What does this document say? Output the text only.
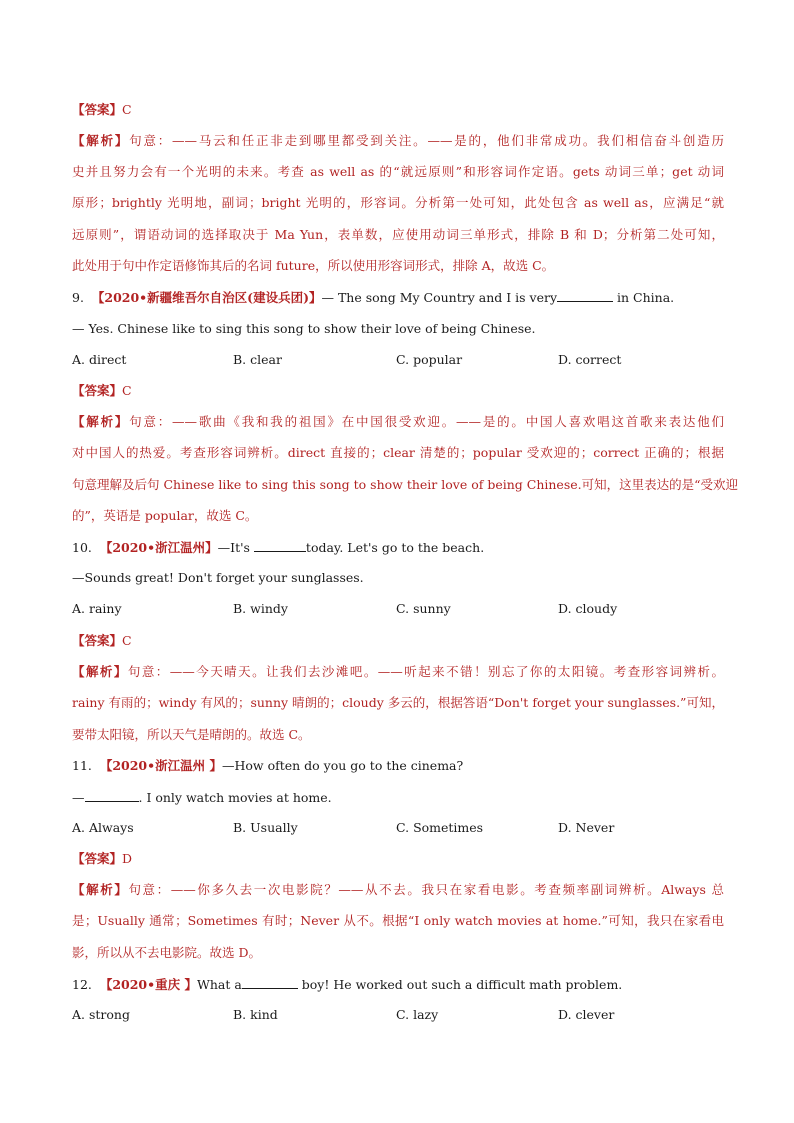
【答案】C
【解析】句意：——马云和任正非走到哪里都受到关注。——是的，他们非常成功。我们相信奋斗创造历
史并且努力会有一个光明的未来。考查 as well as 的“就远原则”和形容词作定语。gets 动词三单；get 动词
原形；brightly 光明地，副词；bright 光明的，形容词。分析第一处可知，此处包含 as well as，应满足“就
远原则”，谓语动词的选择取决于 Ma Yun，表单数，应使用动词三单形式，排除 B 和 D；分析第二处可知，
此处用于句中作定语修饰其后的名词 future，所以使用形容词形式，排除 A，故选 C。
9. 【2020•新疆维吾尔自治区(建设兵团)】— The song My Country and I is very	in China.
— Yes. Chinese like to sing this song to show their love of being Chinese.
A. direct	B. clear	C. popular	D. correct
【答案】C
【解析】句意：——歌曲《我和我的祖国》在中国很受欢迎。——是的。中国人喜欢唱这首歌来表达他们
对中国人的热爱。考查形容词辨析。direct 直接的；clear 清楚的；popular 受欢迎的；correct 正确的；根据
句意理解及后句 Chinese like to sing this song to show their love of being Chinese.可知，这里表达的是“受欢迎
的”，英语是 popular，故选 C。
10. 【2020•浙江温州】—It's	today. Let's go to the beach.
—Sounds great! Don't forget your sunglasses.
A. rainy	B. windy	C. sunny	D. cloudy
【答案】C
【解析】句意：——今天晴天。让我们去沙滩吧。——听起来不错！别忘了你的太阳镜。考查形容词辨析。
rainy 有雨的；windy 有风的；sunny 晴朗的；cloudy 多云的，根据答语“Don't forget your sunglasses.”可知，
要带太阳镜，所以天气是晴朗的。故选 C。
11. 【2020•浙江温州 】—How often do you go to the cinema?
—	. I only watch movies at home.
A. Always	B. Usually	C. Sometimes	D. Never
【答案】D
【解析】句意：——你多久去一次电影院？——从不去。我只在家看电影。考查频率副词辨析。Always 总
是；Usually 通常；Sometimes 有时；Never 从不。根据“I only watch movies at home.”可知，我只在家看电
影，所以从不去电影院。故选 D。
12. 【2020•重庆 】What a	boy! He worked out such a difficult math problem.
A. strong	B. kind	C. lazy	D. clever
